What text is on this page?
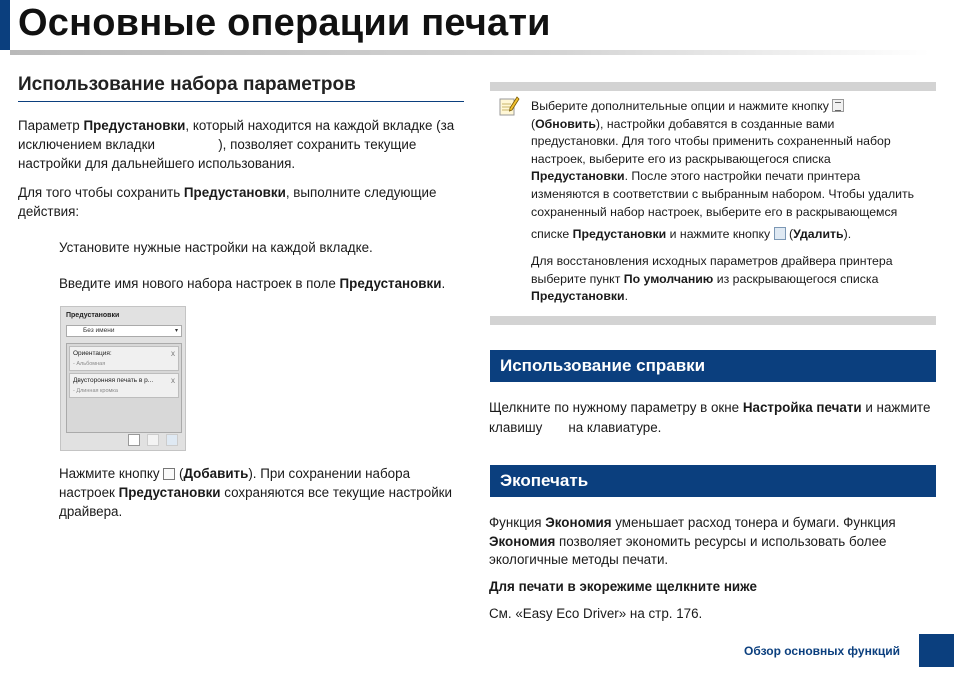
Основные операции печати
Использование набора параметров
Параметр Предустановки, который находится на каждой вкладке (за
исключением вкладки                 ), позволяет сохранить текущие
настройки для дальнейшего использования.
Для того чтобы сохранить Предустановки, выполните следующие
действия:
Установите нужные настройки на каждой вкладке.
Введите имя нового набора настроек в поле Предустановки.
Предустановки
Без имени	▾
Ориентация:
- Альбомная
x
Двусторонняя печать в р...
- Длинная кромка
x
Нажмите кнопку  (Добавить). При сохранении набора
настроек Предустановки сохраняются все текущие настройки
драйвера.
Выберите дополнительные опции и нажмите кнопку
(Обновить), настройки добавятся в созданные вами
предустановки. Для того чтобы применить сохраненный набор
настроек, выберите его из раскрывающегося списка
Предустановки. После этого настройки печати принтера
изменяются в соответствии с выбранным набором. Чтобы удалить
сохраненный набор настроек, выберите его в раскрывающемся
списке Предустановки и нажмите кнопку  (Удалить).
Для восстановления исходных параметров драйвера принтера
выберите пункт По умолчанию из раскрывающегося списка
Предустановки.
Использование справки
Щелкните по нужному параметру в окне Настройка печати и нажмите
клавишу       на клавиатуре.
Экопечать
Функция Экономия уменьшает расход тонера и бумаги. Функция
Экономия позволяет экономить ресурсы и использовать более
экологичные методы печати.
Для печати в экорежиме щелкните ниже
См. «Easy Eco Driver» на стр. 176.
Обзор основных функций
